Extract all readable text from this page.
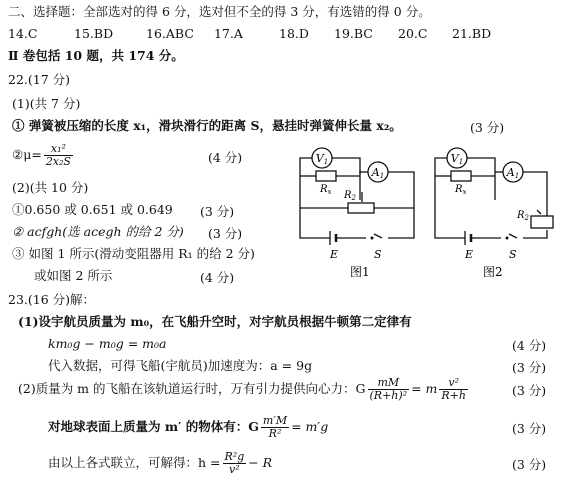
二、选择题：全部选对的得 6 分，选对但不全的得 3 分，有选错的得 0 分。
14.C	15.BD	16.ABC 17.A	18.D 19.BC 20.C 21.BD
Ⅱ 卷包括 10 题，共 174 分。
22.(17 分)
(1)(共 7 分)
① 弹簧被压缩的长度 x₁，滑块滑行的距离 S，悬挂时弹簧伸长量 x₂。	(3 分)
②μ= $\frac{\text{x₁²}}{\text{2x₂S}}$	(4 分)
(2)(共 10 分)
①0.650 或 0.651 或 0.649 (3 分)
② acfgh(选 acegh 的给 2 分) (3 分)
③ 如图 1 所示(滑动变阻器用 R₁ 的给 2 分)
或如图 2 所示	(4 分)
V1
A1
$R_x$ $R_2$
E	S
图1
V1
A1
$R_x$
$R_2$
E	S
图2
23.(16 分)解：
(1)设宇航员质量为 m₀，在飞船升空时，对宇航员根据牛顿第二定律有
km₀g − m₀g = m₀a	(4 分)
代入数据，可得飞船(宇航员)加速度为：a = 9g	(3 分)
(2)质量为 m 的飞船在该轨道运行时，万有引力提供向心力：G $\frac{mM}{\text{(R+h)²}} = m \frac{\text{v²}}{R+h}$	(3 分)
对地球表面上质量为 m′ 的物体有：G $\frac{m'M}{\text{R²}} = m'g$	(3 分)
由以上各式联立，可解得：$h = \frac{\text{R²g}}{\text{v²}} - R$	(3 分)
